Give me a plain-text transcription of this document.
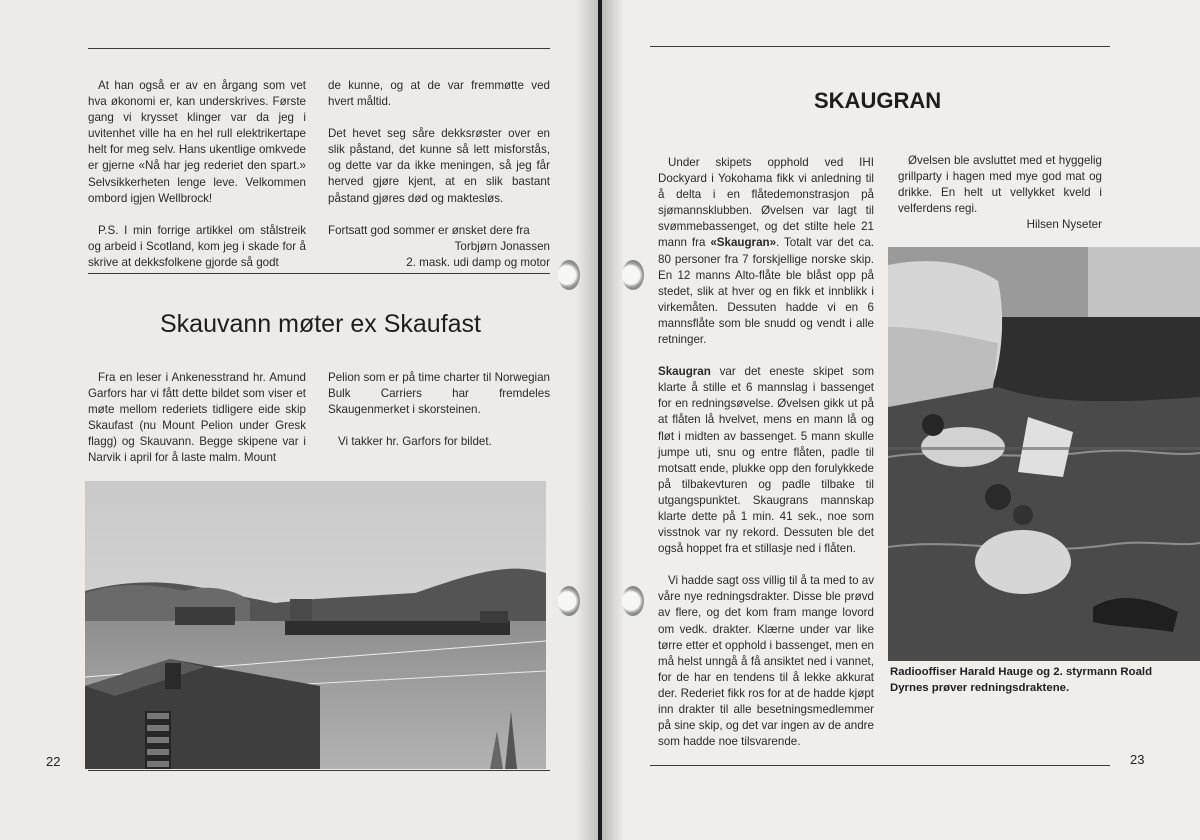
At han også er av en årgang som vet hva økonomi er, kan underskrives. Første gang vi krysset klinger var da jeg i uvitenhet ville ha en hel rull elektrikertape helt for meg selv. Hans ukentlige omkvede er gjerne «Nå har jeg rederiet den spart.» Selvsikkerheten lenge leve. Velkommen ombord igjen Wellbrock!

P.S. I min forrige artikkel om stålstreik og arbeid i Scotland, kom jeg i skade for å skrive at dekksfolkene gjorde så godt

de kunne, og at de var fremmøtte ved hvert måltid.

Det hevet seg såre dekksrøster over en slik påstand, det kunne så lett misforstås, og dette var da ikke meningen, så jeg får herved gjøre kjent, at en slik bastant påstand gjøres død og maktesløs.

Fortsatt god sommer er ønsket dere fra

Torbjørn Jonassen

2. mask. udi damp og motor

Skauvann møter ex Skaufast

Fra en leser i Ankenesstrand hr. Amund Garfors har vi fått dette bildet som viser et møte mellom rederiets tidligere eide skip Skaufast (nu Mount Pelion under Gresk flagg) og Skauvann. Begge skipene var i Narvik i april for å laste malm. Mount

Pelion som er på time charter til Norwegian Bulk Carriers har fremdeles Skaugenmerket i skorsteinen.

Vi takker hr. Garfors for bildet.

22
SKAUGRAN

Under skipets opphold ved IHI Dockyard i Yokohama fikk vi anledning til å delta i en flåtedemonstrasjon på sjømannsklubben. Øvelsen var lagt til svømmebassenget, og det stilte hele 21 mann fra «Skaugran». Totalt var det ca. 80 personer fra 7 forskjellige norske skip. En 12 manns Alto-flåte ble blåst opp på stedet, slik at hver og en fikk et innblikk i virkemåten. Dessuten hadde vi en 6 mannsflåte som ble snudd og vendt i alle retninger.

Skaugran var det eneste skipet som klarte å stille et 6 mannslag i bassenget for en redningsøvelse. Øvelsen gikk ut på at flåten lå hvelvet, mens en mann lå og fløt i midten av bassenget. 5 mann skulle jumpe uti, snu og entre flåten, padle til motsatt ende, plukke opp den forulykkede på tilbakevturen og padle tilbake til utgangspunktet. Skaugrans mannskap klarte dette på 1 min. 41 sek., noe som visstnok var ny rekord. Dessuten ble det også hoppet fra et stillasje ned i flåten.

Vi hadde sagt oss villig til å ta med to av våre nye redningsdrakter. Disse ble prøvd av flere, og det kom fram mange lovord om vedk. drakter. Klærne under var like tørre etter et opphold i bassenget, men en må helst unngå å få ansiktet ned i vannet, for de har en tendens til å lekke akkurat der. Rederiet fikk ros for at de hadde kjøpt inn drakter til alle besetningsmedlemmer på sine skip, og det var ingen av de andre som hadde noe tilsvarende.

Øvelsen ble avsluttet med et hyggelig grillparty i hagen med mye god mat og drikke. En helt ut vellykket kveld i velferdens regi.

Hilsen Nyseter

Radiooffiser Harald Hauge og 2. styrmann Roald Dyrnes prøver redningsdraktene.
23
